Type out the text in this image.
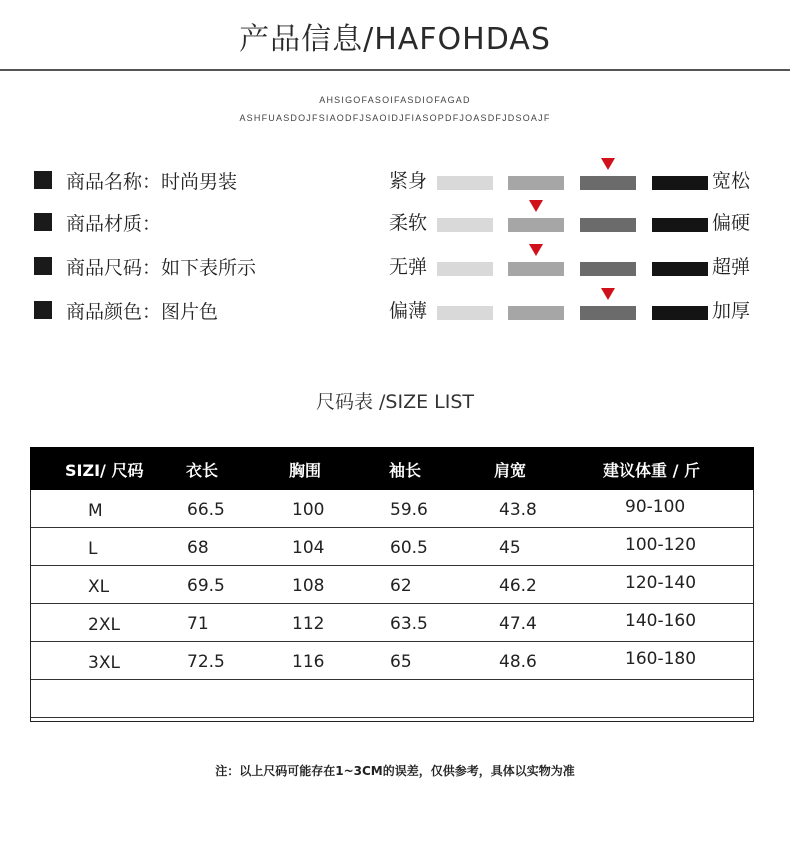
产品信息/HAFOHDAS
AHSIGOFASOIFASDIOFAGAD
ASHFUASDOJFSIAODFJSAOIDJFIASOPDFJOASDFJDSOAJF
商品名称：时尚男装
商品材质：
商品尺码：如下表所示
商品颜色：图片色
紧身	宽松
柔软	偏硬
无弹	超弹
偏薄	加厚
尺码表 /SIZE LIST
SIZI/ 尺码	衣长	胸围	袖长	肩宽	建议体重 / 斤
M	66.5	100	59.6	43.8	90-100
L	68	104	60.5	45	100-120
XL	69.5	108	62	46.2	120-140
2XL	71	112	63.5	47.4	140-160
3XL	72.5	116	65	48.6	160-180
注：以上尺码可能存在1~3CM的误差，仅供参考，具体以实物为准
